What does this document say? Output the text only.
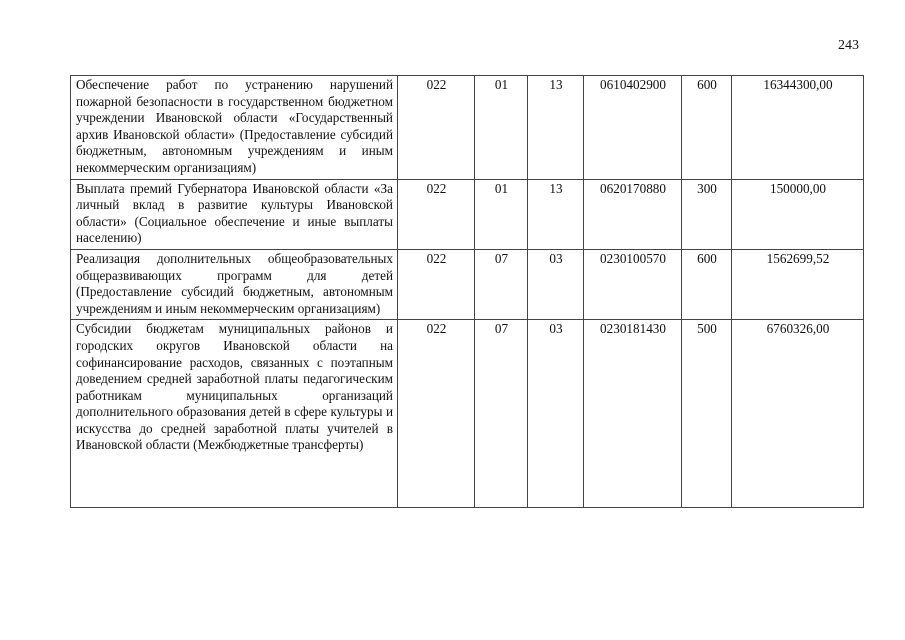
243
Обеспечение работ по устранению нарушений пожарной безопасности в государственном бюджетном учреждении Ивановской области «Государственный архив Ивановской области» (Предоставление субсидий бюджетным, автономным учреждениям и иным некоммерческим организациям)	022	01	13	0610402900	600	16344300,00
Выплата премий Губернатора Ивановской области «За личный вклад в развитие культуры Ивановской области» (Социальное обеспечение и иные выплаты населению)	022	01	13	0620170880	300	150000,00
Реализация дополнительных общеобразовательных общеразвивающих программ для детей (Предоставление субсидий бюджетным, автономным учреждениям и иным некоммерческим организациям)	022	07	03	0230100570	600	1562699,52
Субсидии бюджетам муниципальных районов и городских округов Ивановской области на софинансирование расходов, связанных с поэтапным доведением средней заработной платы педагогическим работникам муниципальных организаций дополнительного образования детей в сфере культуры и искусства до средней заработной платы учителей в Ивановской области (Межбюджетные трансферты)	022	07	03	0230181430	500	6760326,00
